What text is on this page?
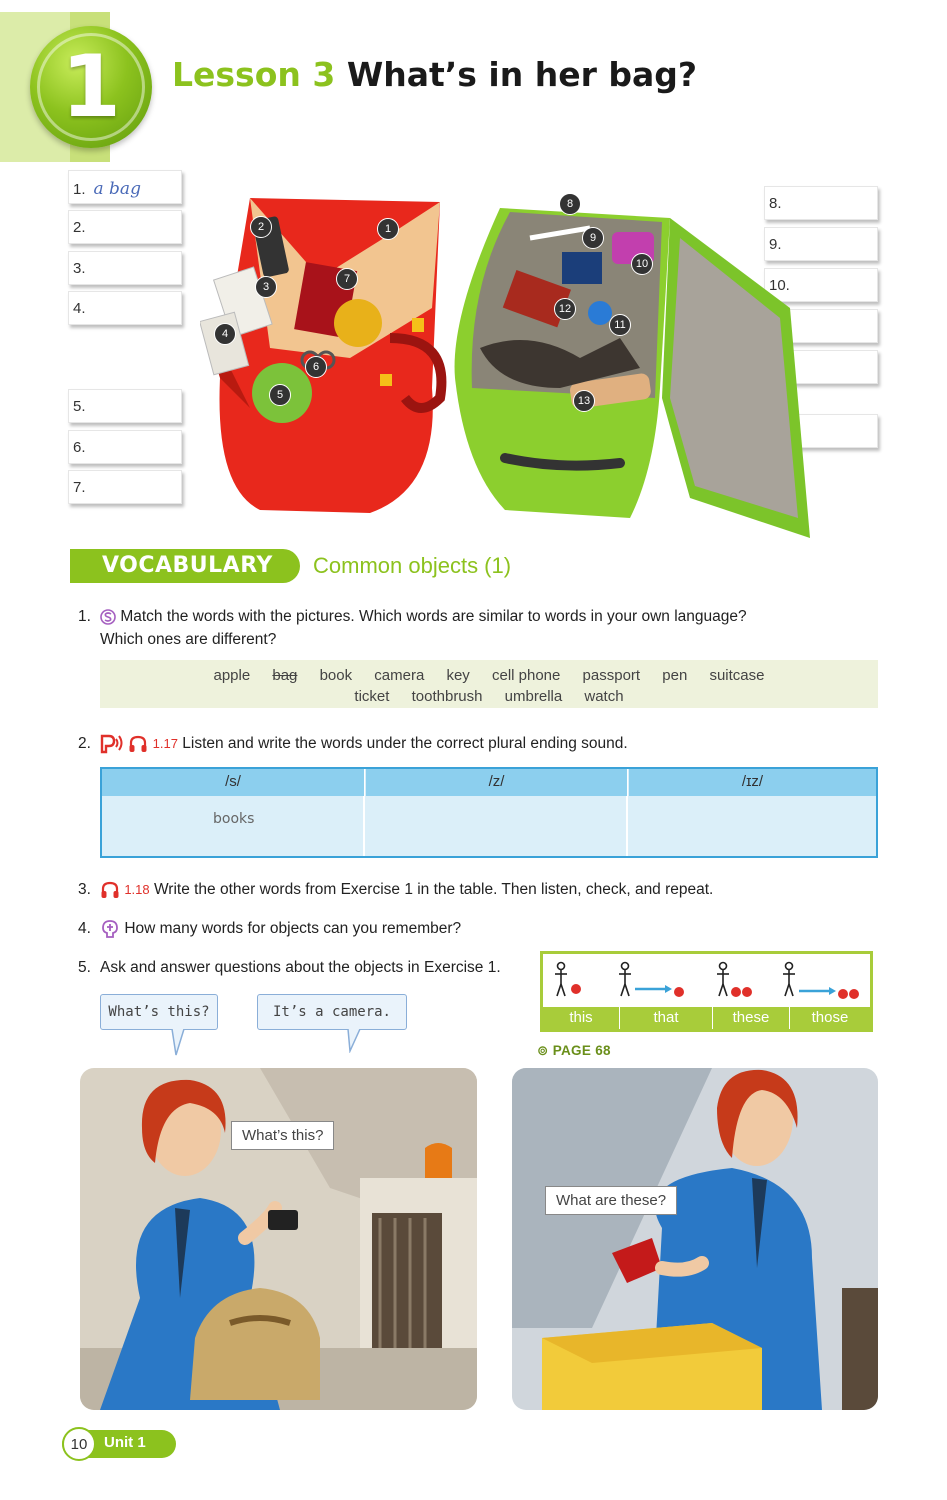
1 Lesson 3 What’s in her bag?
1. a bag
2.
3.
4.
5.
6.
7.
8.
9.
10.
1
2
3
4
5
6
7
8
9
10
11
12
13
VOCABULARY	Common objects (1)
1. Match the words with the pictures. Which words are similar to words in your own language?
Which ones are different?
apple bag book camera key cell phone passport pen suitcase
ticket toothbrush umbrella watch
2.	1.17 Listen and write the words under the correct plural ending sound.
/s/	/z/	/ɪz/
books
3.	1.18 Write the other words from Exercise 1 in the table. Then listen, check, and repeat.
4. How many words for objects can you remember?
5. Ask and answer questions about the objects in Exercise 1.
What’s this?	It’s a camera.	this	that	these	those
⊚ PAGE 68
What’s this?
What are these?
10	Unit 1
